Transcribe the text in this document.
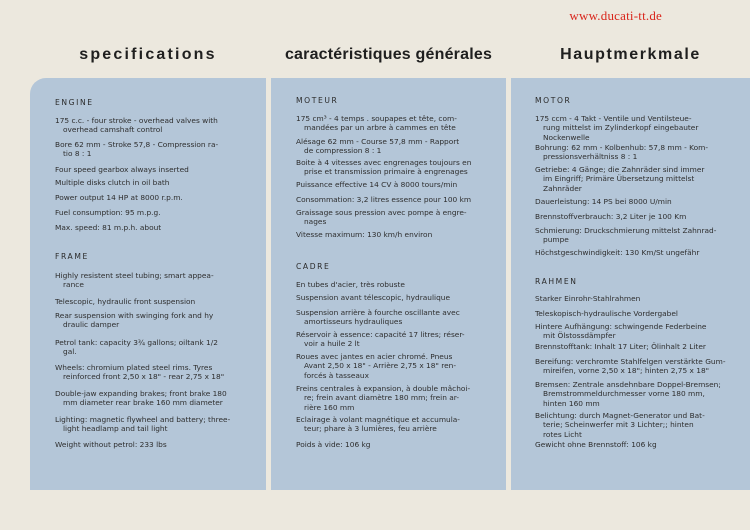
www.ducati-tt.de
specifications	caractéristiques générales	Hauptmerkmale
ENGINE
175 c.c. - four stroke - overhead valves with
overhead camshaft control
Bore 62 mm - Stroke 57,8 - Compression ra-
tio 8 : 1
Four speed gearbox always inserted
Multiple disks clutch in oil bath
Power output 14 HP at 8000 r.p.m.
Fuel consumption: 95 m.p.g.
Max. speed: 81 m.p.h. about
FRAME
Highly resistent steel tubing; smart appea-
rance
Telescopic, hydraulic front suspension
Rear suspension with swinging fork and hy
draulic damper
Petrol tank: capacity 3¾ gallons; oiltank 1/2
gal.
Wheels: chromium plated steel rims. Tyres
reinforced front 2,50 x 18" - rear 2,75 x 18"
Double-jaw expanding brakes; front brake 180
mm diameter rear brake 160 mm diameter
Lighting: magnetic flywheel and battery; three-
light headlamp and tail light
Weight without petrol: 233 lbs
MOTEUR
175 cm³ - 4 temps . soupapes et tête, com-
mandées par un arbre à cammes en tête
Alésage 62 mm - Course 57,8 mm - Rapport
de compression 8 : 1
Boite à 4 vitesses avec engrenages toujours en
prise et transmission primaire à engrenages
Puissance effective 14 CV à 8000 tours/min
Consommation: 3,2 litres essence pour 100 km
Graissage sous pression avec pompe à engre-
nages
Vitesse maximum: 130 km/h environ
CADRE
En tubes d'acier, très robuste
Suspension avant télescopic, hydraulique
Suspension arrière à fourche oscillante avec
amortisseurs hydrauliques
Réservoir à essence: capacité 17 litres; réser-
voir a huile 2 lt
Roues avec jantes en acier chromé. Pneus
Avant 2,50 x 18" - Arrière 2,75 x 18" ren-
forcés à tasseaux
Freins centrales à expansion, à double mâchoi-
re; frein avant diamètre 180 mm; frein ar-
rière 160 mm
Eclairage à volant magnétique et accumula-
teur; phare à 3 lumières, feu arrière
Poids à vide: 106 kg
MOTOR
175 ccm - 4 Takt - Ventile und Ventilsteue-
rung mittelst im Zylinderkopf eingebauter
Nockenwelle
Bohrung: 62 mm - Kolbenhub: 57,8 mm - Kom-
pressionsverhältniss 8 : 1
Getriebe: 4 Gänge; die Zahnräder sind immer
im Eingriff; Primäre Übersetzung mittelst
Zahnräder
Dauerleistung: 14 PS bei 8000 U/min
Brennstoffverbrauch: 3,2 Liter je 100 Km
Schmierung: Druckschmierung mittelst Zahnrad-
pumpe
Höchstgeschwindigkeit: 130 Km/St ungefähr
RAHMEN
Starker Einrohr-Stahlrahmen
Teleskopisch-hydraulische Vordergabel
Hintere Aufhängung: schwingende Federbeine
mit Ölstossdämpfer
Brennstofftank: Inhalt 17 Liter; Ölinhalt 2 Liter
Bereifung: verchromte Stahlfelgen verstärkte Gum-
mireifen, vorne 2,50 x 18"; hinten 2,75 x 18"
Bremsen: Zentrale ansdehnbare Doppel-Bremsen;
Bremstrommeldurchmesser vorne 180 mm,
hinten 160 mm
Belichtung: durch Magnet-Generator und Bat-
terie; Scheinwerfer mit 3 Lichter;; hinten
rotes Licht
Gewicht ohne Brennstoff: 106 kg
